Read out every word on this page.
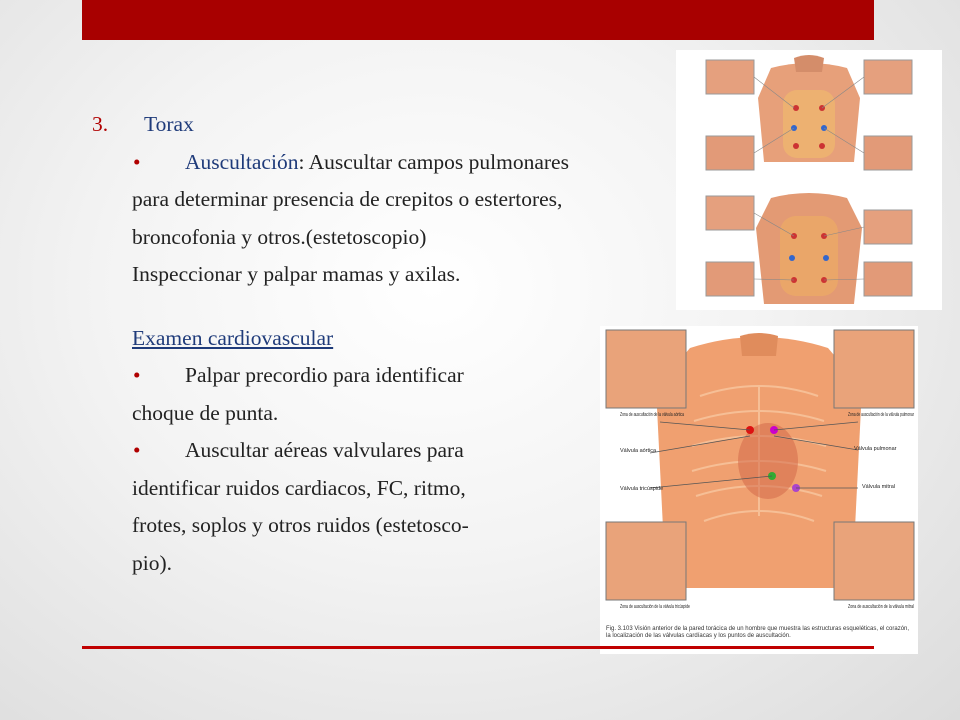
3. Torax
• Auscultación: Auscultar campos pulmonares
para determinar presencia de crepitos o estertores,
broncofonia y otros.(estetoscopio)
Inspeccionar y palpar mamas y axilas.
Examen cardiovascular
• Palpar precordio para identificar
choque de punta.
• Auscultar aéreas valvulares para
identificar ruidos cardiacos, FC, ritmo,
frotes, soplos y otros ruidos (estetosco-
pio).
Zona de auscultación de la válvula aórtica	Zona de auscultación de la válvula pulmonar
Válvula aórtica	Válvula pulmonar
Válvula tricúspide	Válvula mitral
Zona de auscultación de la válvula tricúspide	Zona de auscultación de la válvula mitral
Fig. 3.103 Visión anterior de la pared torácica de un hombre que muestra las estructuras esqueléticas, el corazón, la localización de las válvulas cardíacas y los puntos de auscultación.
